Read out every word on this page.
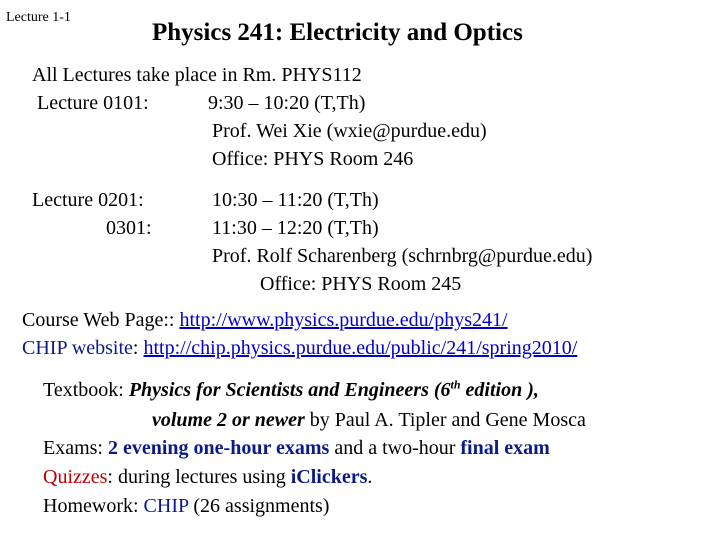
Lecture 1-1
Physics 241: Electricity and Optics
All Lectures take place in Rm. PHYS112
Lecture 0101:	9:30 – 10:20 (T,Th)
Prof. Wei Xie (wxie@purdue.edu)
Office: PHYS Room 246
Lecture 0201:	10:30 – 11:20 (T,Th)
0301:	11:30 – 12:20 (T,Th)
Prof. Rolf Scharenberg (schrnbrg@purdue.edu)
Office: PHYS Room 245
Course Web Page:: http://www.physics.purdue.edu/phys241/
CHIP website: http://chip.physics.purdue.edu/public/241/spring2010/
Textbook: Physics for Scientists and Engineers (6th edition ),
volume 2 or newer by Paul A. Tipler and Gene Mosca
Exams: 2 evening one-hour exams and a two-hour final exam
Quizzes: during lectures using iClickers.
Homework: CHIP (26 assignments)
